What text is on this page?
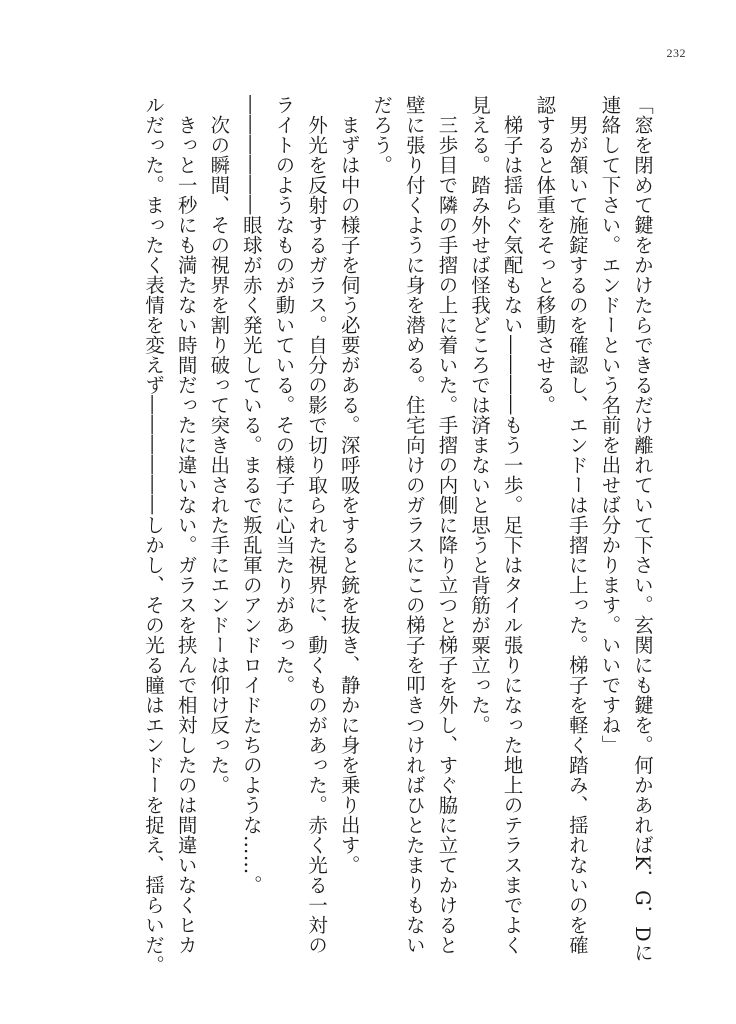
232

「窓を閉めて鍵をかけたらできるだけ離れていて下さい。玄関にも鍵を。何かあればK．G．Dに

連絡して下さい。エンドーという名前を出せば分かります。いいですね」

　男が頷いて施錠するのを確認し、エンドーは手摺に上った。梯子を軽く踏み、揺れないのを確

認すると体重をそっと移動させる。

　梯子は揺らぐ気配もない――――もう一歩。足下はタイル張りになった地上のテラスまでよく

見える。踏み外せば怪我どころでは済まないと思うと背筋が粟立った。

　三歩目で隣の手摺の上に着いた。手摺の内側に降り立つと梯子を外し、すぐ脇に立てかけると

壁に張り付くように身を潜める。住宅向けのガラスにこの梯子を叩きつければひとたまりもない

だろう。

　まずは中の様子を伺う必要がある。深呼吸をすると銃を抜き、静かに身を乗り出す。

　外光を反射するガラス。自分の影で切り取られた視界に、動くものがあった。赤く光る一対の

ライトのようなものが動いている。その様子に心当たりがあった。

――――――眼球が赤く発光している。まるで叛乱軍のアンドロイドたちのような……。

　次の瞬間、その視界を割り破って突き出された手にエンドーは仰け反った。

　きっと一秒にも満たない時間だったに違いない。ガラスを挟んで相対したのは間違いなくヒカ

ルだった。まったく表情を変えず――――――しかし、その光る瞳はエンドーを捉え、揺らいだ。
